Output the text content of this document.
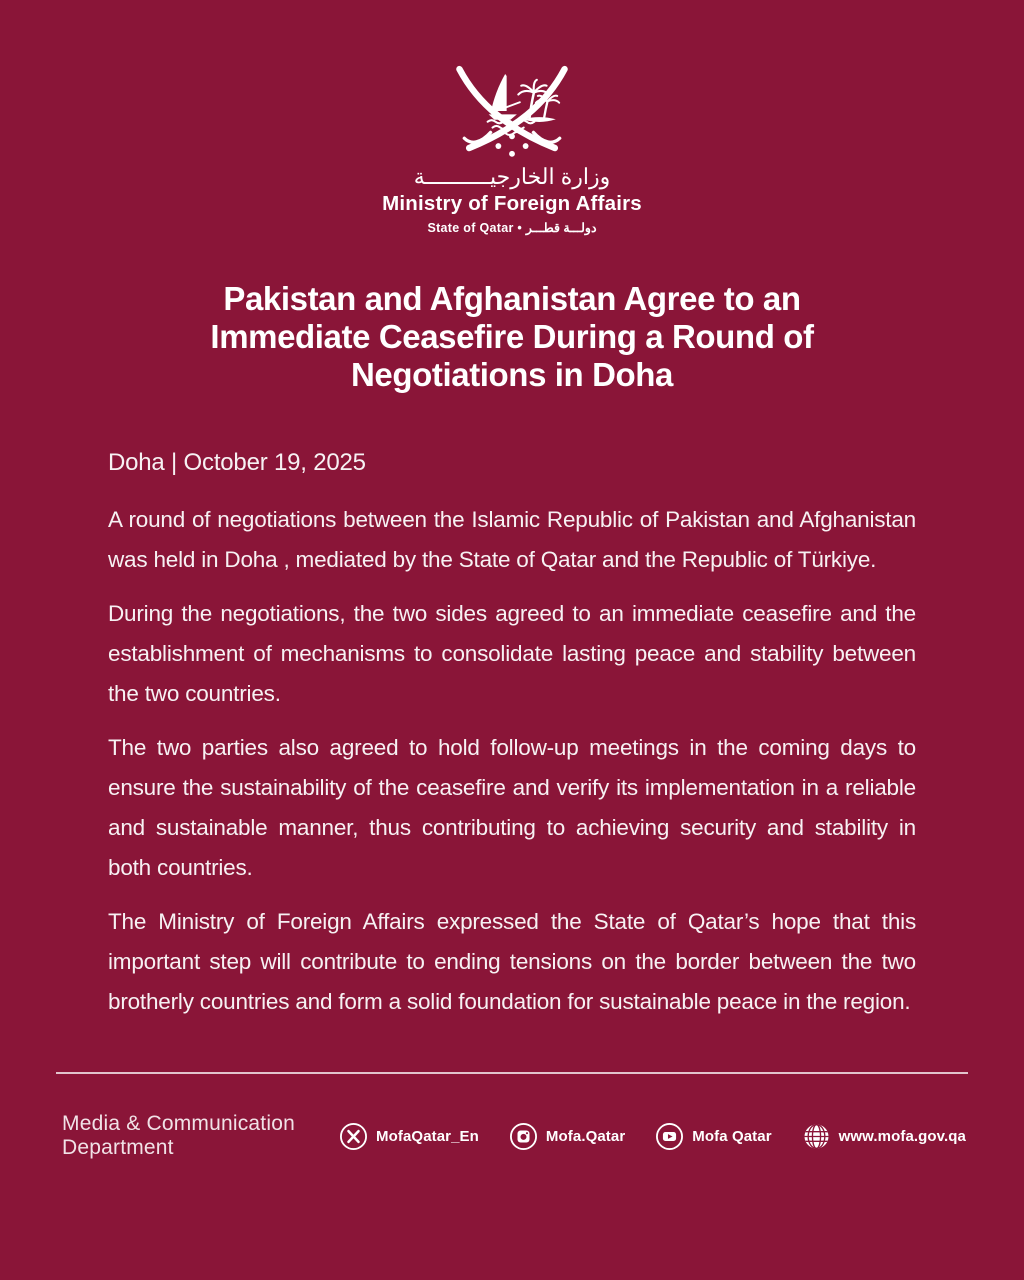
وزارة الخارجيــــــــــة
Ministry of Foreign Affairs
State of Qatar • دولـــة قطـــر
Pakistan and Afghanistan Agree to an
Immediate Ceasefire During a Round of
Negotiations in Doha
Doha | October 19, 2025

A round of negotiations between the Islamic Republic of Pakistan and Afghanistan was held in Doha , mediated by the State of Qatar and the Republic of Türkiye.

During the negotiations, the two sides agreed to an immediate ceasefire and the establishment of mechanisms to consolidate lasting peace and stability between the two countries.

The two parties also agreed to hold follow-up meetings in the coming days to ensure the sustainability of the ceasefire and verify its implementation in a reliable and sustainable manner, thus contributing to achieving security and stability in both countries.

The Ministry of Foreign Affairs expressed the State of Qatar’s hope that this important step will contribute to ending tensions on the border between the two brotherly countries and form a solid foundation for sustainable peace in the region.

Media & Communication Department	MofaQatar_En	Mofa.Qatar	Mofa Qatar	www.mofa.gov.qa
